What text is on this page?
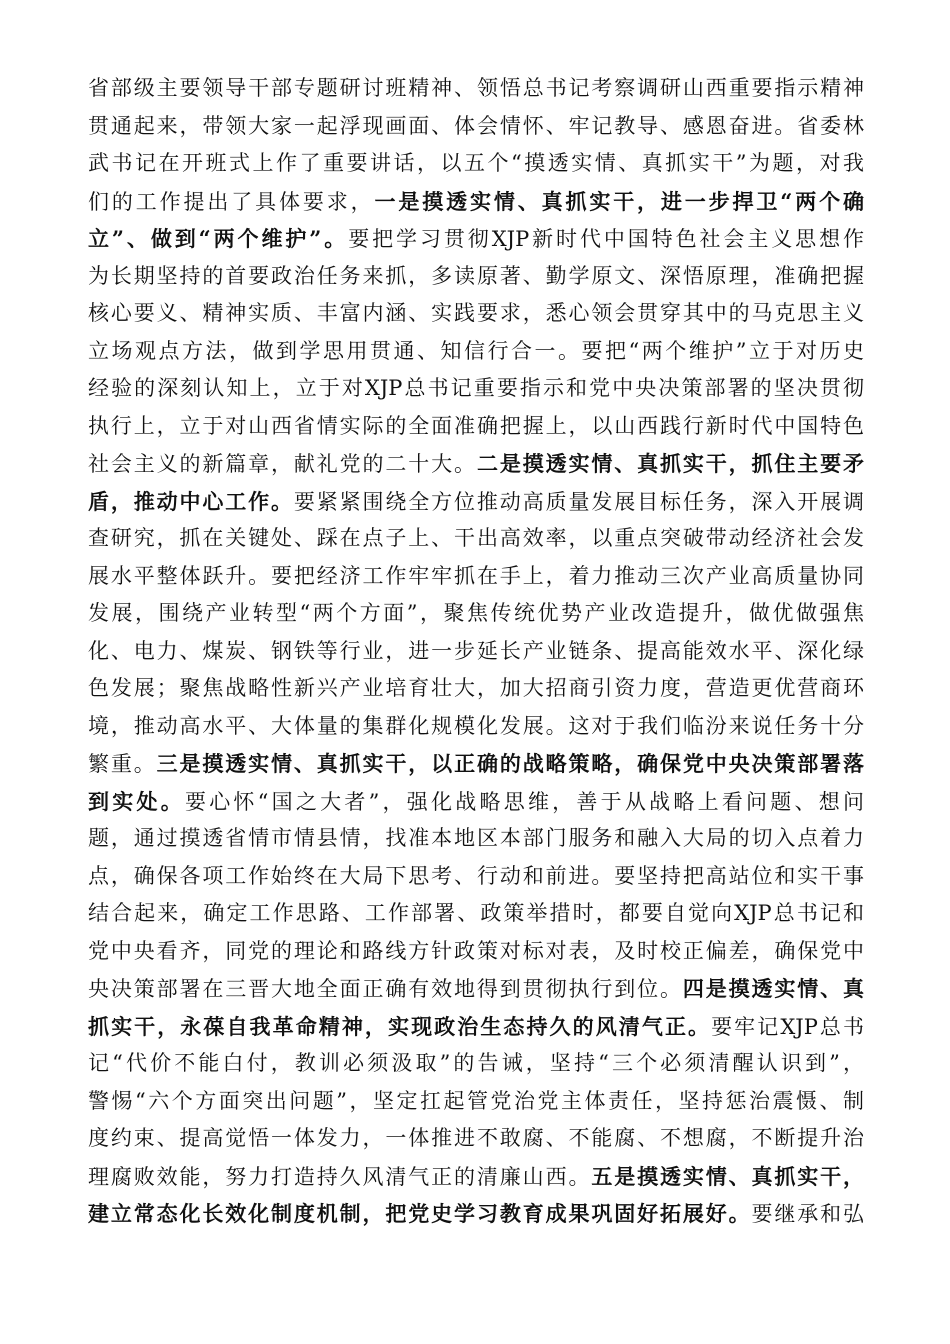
省部级主要领导干部专题研讨班精神、领悟总书记考察调研山西重要指示精神
贯通起来，带领大家一起浮现画面、体会情怀、牢记教导、感恩奋进。省委林
武书记在开班式上作了重要讲话，以五个“摸透实情、真抓实干”为题，对我
们的工作提出了具体要求，一是摸透实情、真抓实干，进一步捍卫“两个确
立”、做到“两个维护”。要把学习贯彻XJP新时代中国特色社会主义思想作
为长期坚持的首要政治任务来抓，多读原著、勤学原文、深悟原理，准确把握
核心要义、精神实质、丰富内涵、实践要求，悉心领会贯穿其中的马克思主义
立场观点方法，做到学思用贯通、知信行合一。要把“两个维护”立于对历史
经验的深刻认知上，立于对XJP总书记重要指示和党中央决策部署的坚决贯彻
执行上，立于对山西省情实际的全面准确把握上，以山西践行新时代中国特色
社会主义的新篇章，献礼党的二十大。二是摸透实情、真抓实干，抓住主要矛
盾，推动中心工作。要紧紧围绕全方位推动高质量发展目标任务，深入开展调
查研究，抓在关键处、踩在点子上、干出高效率，以重点突破带动经济社会发
展水平整体跃升。要把经济工作牢牢抓在手上，着力推动三次产业高质量协同
发展，围绕产业转型“两个方面”，聚焦传统优势产业改造提升，做优做强焦
化、电力、煤炭、钢铁等行业，进一步延长产业链条、提高能效水平、深化绿
色发展；聚焦战略性新兴产业培育壮大，加大招商引资力度，营造更优营商环
境，推动高水平、大体量的集群化规模化发展。这对于我们临汾来说任务十分
繁重。三是摸透实情、真抓实干，以正确的战略策略，确保党中央决策部署落
到实处。要心怀“国之大者”，强化战略思维，善于从战略上看问题、想问
题，通过摸透省情市情县情，找准本地区本部门服务和融入大局的切入点着力
点，确保各项工作始终在大局下思考、行动和前进。要坚持把高站位和实干事
结合起来，确定工作思路、工作部署、政策举措时，都要自觉向XJP总书记和
党中央看齐，同党的理论和路线方针政策对标对表，及时校正偏差，确保党中
央决策部署在三晋大地全面正确有效地得到贯彻执行到位。四是摸透实情、真
抓实干，永葆自我革命精神，实现政治生态持久的风清气正。要牢记XJP总书
记“代价不能白付，教训必须汲取”的告诫，坚持“三个必须清醒认识到”，
警惕“六个方面突出问题”，坚定扛起管党治党主体责任，坚持惩治震慑、制
度约束、提高觉悟一体发力，一体推进不敢腐、不能腐、不想腐，不断提升治
理腐败效能，努力打造持久风清气正的清廉山西。五是摸透实情、真抓实干，
建立常态化长效化制度机制，把党史学习教育成果巩固好拓展好。要继承和弘
